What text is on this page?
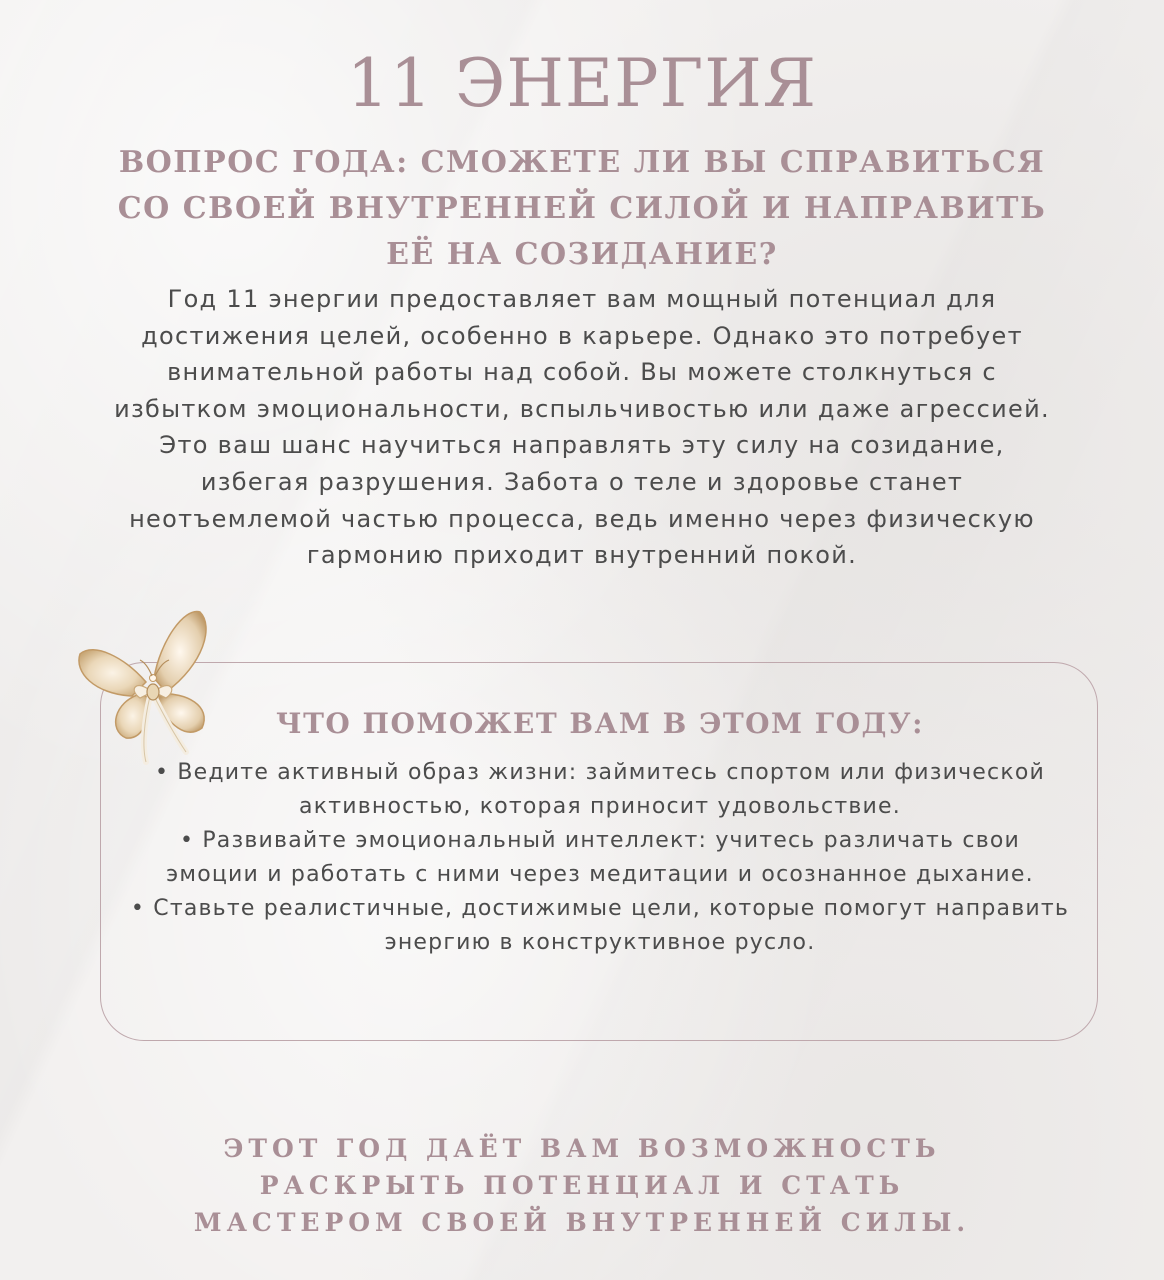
11 ЭНЕРГИЯ
ВОПРОС ГОДА: СМОЖЕТЕ ЛИ ВЫ СПРАВИТЬСЯ СО СВОЕЙ ВНУТРЕННЕЙ СИЛОЙ И НАПРАВИТЬ ЕЁ НА СОЗИДАНИЕ?
Год 11 энергии предоставляет вам мощный потенциал для достижения целей, особенно в карьере. Однако это потребует внимательной работы над собой. Вы можете столкнуться с избытком эмоциональности, вспыльчивостью или даже агрессией. Это ваш шанс научиться направлять эту силу на созидание, избегая разрушения. Забота о теле и здоровье станет неотъемлемой частью процесса, ведь именно через физическую гармонию приходит внутренний покой.
ЧТО ПОМОЖЕТ ВАМ В ЭТОМ ГОДУ:
• Ведите активный образ жизни: займитесь спортом или физической активностью, которая приносит удовольствие.
• Развивайте эмоциональный интеллект: учитесь различать свои эмоции и работать с ними через медитации и осознанное дыхание.
• Ставьте реалистичные, достижимые цели, которые помогут направить энергию в конструктивное русло.
ЭТОТ ГОД ДАЁТ ВАМ ВОЗМОЖНОСТЬ РАСКРЫТЬ ПОТЕНЦИАЛ И СТАТЬ МАСТЕРОМ СВОЕЙ ВНУТРЕННЕЙ СИЛЫ.
